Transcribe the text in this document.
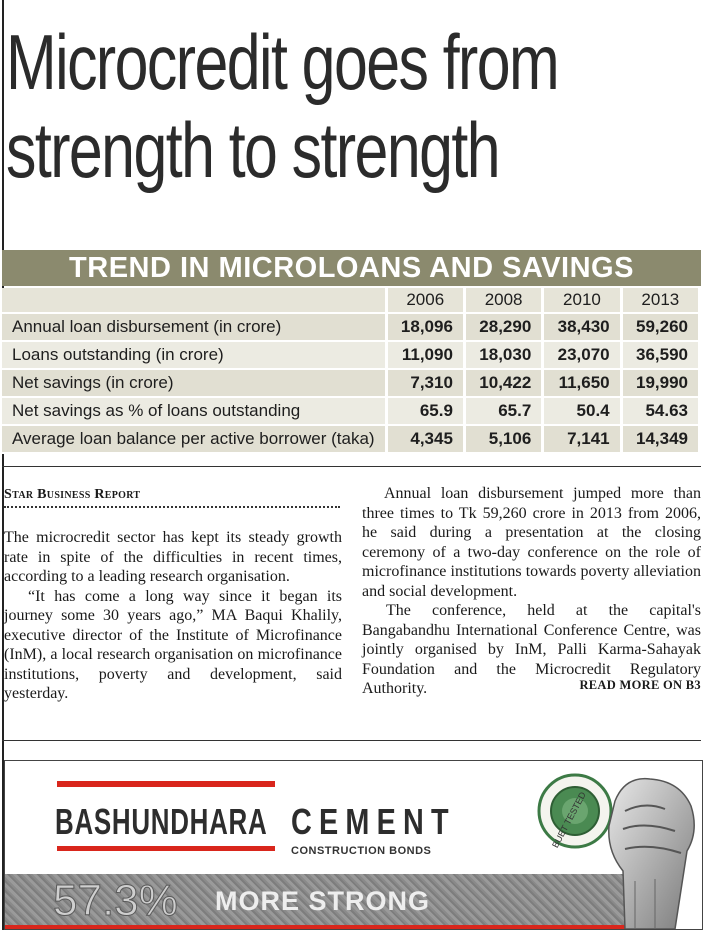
Microcredit goes from
strength to strength
TREND IN MICROLOANS AND SAVINGS
	2006	2008	2010	2013
Annual loan disbursement (in crore)	18,096	28,290	38,430	59,260
Loans outstanding (in crore)	11,090	18,030	23,070	36,590
Net savings (in crore)	7,310	10,422	11,650	19,990
Net savings as % of loans outstanding	65.9	65.7	50.4	54.63
Average loan balance per active borrower (taka)	4,345	5,106	7,141	14,349
Star Business Report

The microcredit sector has kept its steady growth rate in spite of the difficulties in recent times, according to a leading research organisation.

“It has come a long way since it began its journey some 30 years ago,” MA Baqui Khalily, executive director of the Institute of Microfinance (InM), a local research organisation on microfinance institutions, poverty and development, said yesterday.

Annual loan disbursement jumped more than three times to Tk 59,260 crore in 2013 from 2006, he said during a presentation at the closing ceremony of a two-day conference on the role of microfinance institutions towards poverty alleviation and social development.

The conference, held at the capital's Bangabandhu International Conference Centre, was jointly organised by InM, Palli Karma-Sahayak Foundation and the Microcredit Regulatory Authority.	READ MORE ON B3
BASHUNDHARA CEMENT
CONSTRUCTION BONDS
57.3% MORE STRONG
BUET TESTED
